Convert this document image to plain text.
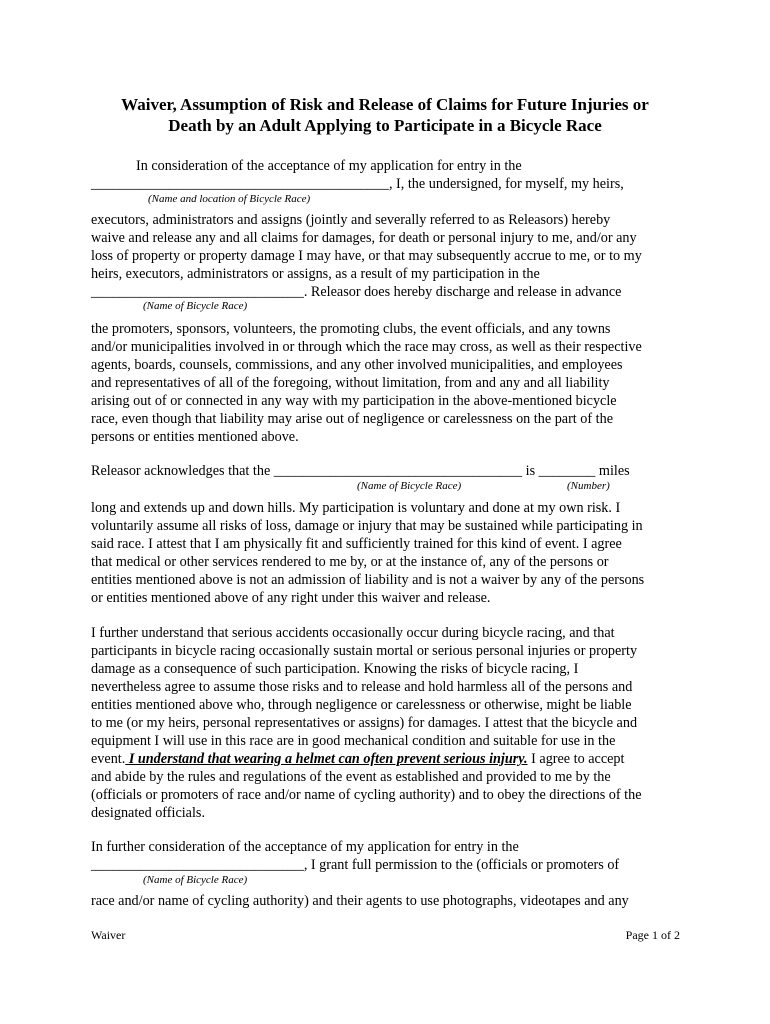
Waiver, Assumption of Risk and Release of Claims for Future Injuries or
Death by an Adult Applying to Participate in a Bicycle Race
In consideration of the acceptance of my application for entry in the
__________________________________________, I, the undersigned, for myself, my heirs,
(Name and location of Bicycle Race)
executors, administrators and assigns (jointly and severally referred to as Releasors) hereby
waive and release any and all claims for damages, for death or personal injury to me, and/or any
loss of property or property damage I may have, or that may subsequently accrue to me, or to my
heirs, executors, administrators or assigns, as a result of my participation in the
______________________________. Releasor does hereby discharge and release in advance
(Name of Bicycle Race)
the promoters, sponsors, volunteers, the promoting clubs, the event officials, and any towns
and/or municipalities involved in or through which the race may cross, as well as their respective
agents, boards, counsels, commissions, and any other involved municipalities, and employees
and representatives of all of the foregoing, without limitation, from and any and all liability
arising out of or connected in any way with my participation in the above-mentioned bicycle
race, even though that liability may arise out of negligence or carelessness on the part of the
persons or entities mentioned above.
Releasor acknowledges that the ___________________________________ is ________ miles
(Name of Bicycle Race)	(Number)
long and extends up and down hills. My participation is voluntary and done at my own risk. I
voluntarily assume all risks of loss, damage or injury that may be sustained while participating in
said race. I attest that I am physically fit and sufficiently trained for this kind of event. I agree
that medical or other services rendered to me by, or at the instance of, any of the persons or
entities mentioned above is not an admission of liability and is not a waiver by any of the persons
or entities mentioned above of any right under this waiver and release.
I further understand that serious accidents occasionally occur during bicycle racing, and that
participants in bicycle racing occasionally sustain mortal or serious personal injuries or property
damage as a consequence of such participation. Knowing the risks of bicycle racing, I
nevertheless agree to assume those risks and to release and hold harmless all of the persons and
entities mentioned above who, through negligence or carelessness or otherwise, might be liable
to me (or my heirs, personal representatives or assigns) for damages. I attest that the bicycle and
equipment I will use in this race are in good mechanical condition and suitable for use in the
event. I understand that wearing a helmet can often prevent serious injury. I agree to accept
and abide by the rules and regulations of the event as established and provided to me by the
(officials or promoters of race and/or name of cycling authority) and to obey the directions of the
designated officials.
In further consideration of the acceptance of my application for entry in the
______________________________, I grant full permission to the (officials or promoters of
(Name of Bicycle Race)
race and/or name of cycling authority) and their agents to use photographs, videotapes and any
Waiver	Page 1 of 2
